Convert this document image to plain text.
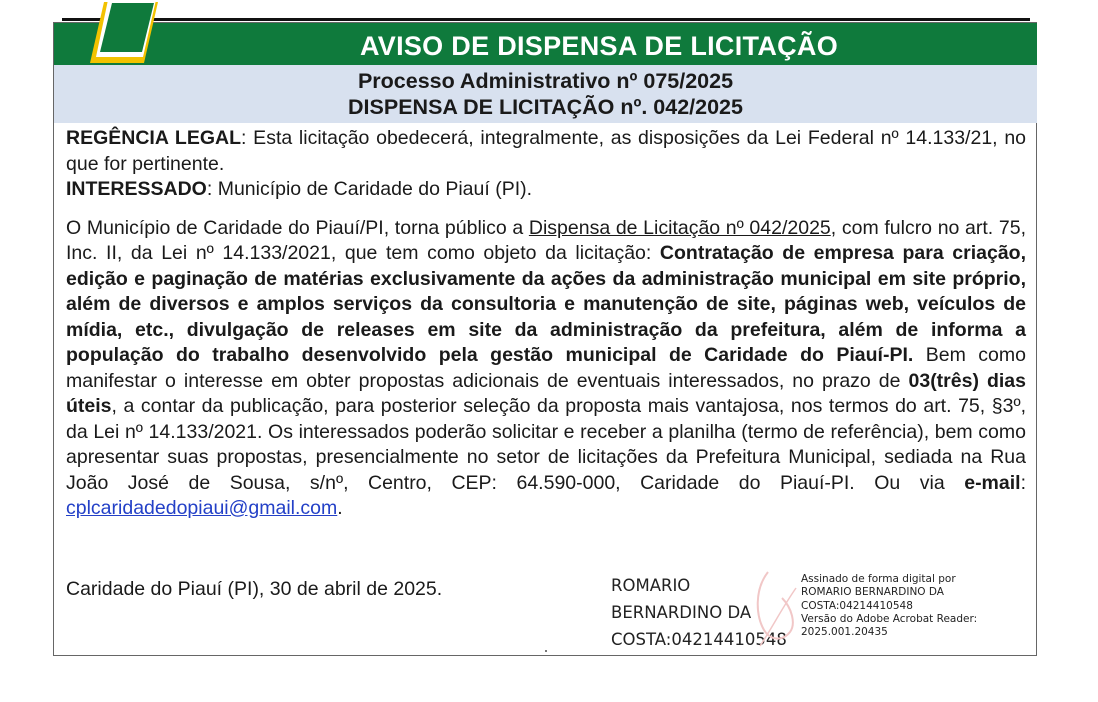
AVISO DE DISPENSA DE LICITAÇÃO
Processo Administrativo nº 075/2025
DISPENSA DE LICITAÇÃO nº. 042/2025

REGÊNCIA LEGAL: Esta licitação obedecerá, integralmente, as disposições da Lei Federal nº 14.133/21, no que for pertinente.

INTERESSADO: Município de Caridade do Piauí (PI).

O Município de Caridade do Piauí/PI, torna público a Dispensa de Licitação nº 042/2025, com fulcro no art. 75, Inc. II, da Lei nº 14.133/2021, que tem como objeto da licitação: Contratação de empresa para criação, edição e paginação de matérias exclusivamente da ações da administração municipal em site próprio, além de diversos e amplos serviços da consultoria e manutenção de site, páginas web, veículos de mídia, etc., divulgação de releases em site da administração da prefeitura, além de informa a população do trabalho desenvolvido pela gestão municipal de Caridade do Piauí-PI. Bem como manifestar o interesse em obter propostas adicionais de eventuais interessados, no prazo de 03(três) dias úteis, a contar da publicação, para posterior seleção da proposta mais vantajosa, nos termos do art. 75, §3º, da Lei nº 14.133/2021. Os interessados poderão solicitar e receber a planilha (termo de referência), bem como apresentar suas propostas, presencialmente no setor de licitações da Prefeitura Municipal, sediada na Rua João José de Sousa, s/nº, Centro, CEP: 64.590-000, Caridade do Piauí-PI. Ou via e-mail: cplcaridadedopiaui@gmail.com.

Caridade do Piauí (PI), 30 de abril de 2025.	ROMARIO
BERNARDINO DA
COSTA:04214410548
Assinado de forma digital por
ROMARIO BERNARDINO DA
COSTA:04214410548
Versão do Adobe Acrobat Reader:
2025.001.20435
